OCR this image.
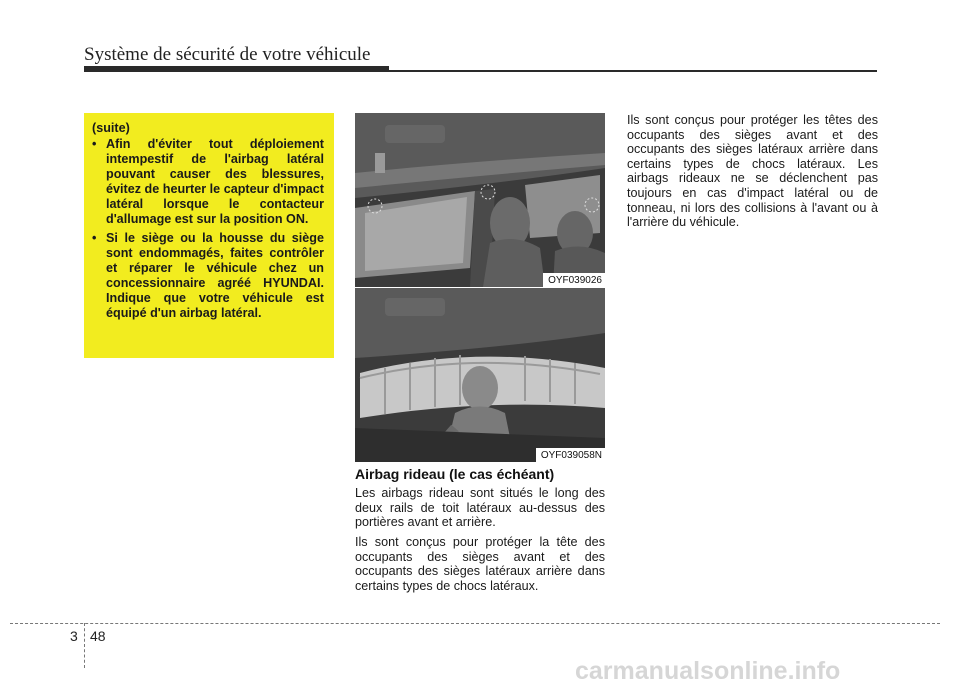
Système de sécurité de votre véhicule
(suite)
• Afin d'éviter tout déploiement intempestif de l'airbag latéral pouvant causer des blessures, évitez de heurter le capteur d'impact latéral lorsque le contacteur d'allumage est sur la position ON.
• Si le siège ou la housse du siège sont endommagés, faites contrôler et réparer le véhicule chez un concessionnaire agréé HYUNDAI. Indique que votre véhicule est équipé d'un airbag latéral.
OYF039026
OYF039058N
Airbag rideau (le cas échéant)

Les airbags rideau sont situés le long des deux rails de toit latéraux au-dessus des portières avant et arrière.

Ils sont conçus pour protéger la tête des occupants des sièges avant et des occupants des sièges latéraux arrière dans certains types de chocs latéraux.

Ils sont conçus pour protéger les têtes des occupants des sièges avant et des occupants des sièges latéraux arrière dans certains types de chocs latéraux. Les airbags rideaux ne se déclenchent pas toujours en cas d'impact latéral ou de tonneau, ni lors des collisions à l'avant ou à l'arrière du véhicule.

3 48
carmanualsonline.info
